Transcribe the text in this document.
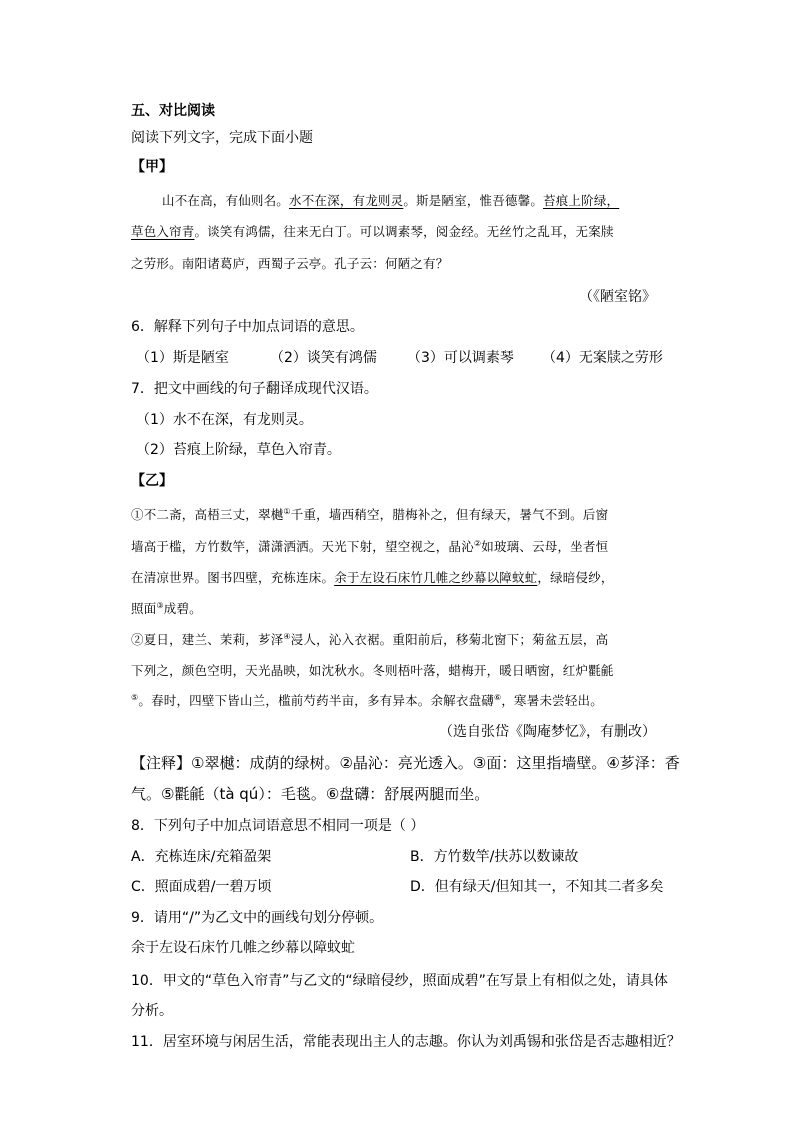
五、对比阅读
阅读下列文字，完成下面小题
【甲】
山不在高，有仙则名。水不在深，有龙则灵。斯是陋室，惟吾德馨。苔痕上阶绿，
草色入帘青。谈笑有鸿儒，往来无白丁。可以调素琴，阅金经。无丝竹之乱耳，无案牍
之劳形。南阳诸葛庐，西蜀子云亭。孔子云：何陋之有？
（《陋室铭》
6．解释下列句子中加点词语的意思。
（1）斯是陋室	（2）谈笑有鸿儒 （3）可以调素琴 （4）无案牍之劳形
7．把文中画线的句子翻译成现代汉语。
（1）水不在深，有龙则灵。
（2）苔痕上阶绿，草色入帘青。
【乙】
①不二斋，高梧三丈，翠樾①千重，墙西稍空，腊梅补之，但有绿天，暑气不到。后窗
墙高于槛，方竹数竿，潇潇洒洒。天光下射，望空视之，晶沁②如玻璃、云母，坐者恒
在清凉世界。图书四壁，充栋连床。余于左设石床竹几帷之纱幕以障蚊虻，绿暗侵纱，
照面③成碧。
②夏日，建兰、茉莉，芗泽④浸人，沁入衣裾。重阳前后，移菊北窗下；菊盆五层，高
下列之，颜色空明，天光晶映，如沈秋水。冬则梧叶落，蜡梅开，暖日晒窗，红炉氍毹
⑤。春时，四壁下皆山兰，槛前芍药半亩，多有异本。余解衣盘礴⑥，寒暑未尝轻出。
（选自张岱《陶庵梦忆》，有删改）
【注释】①翠樾：成荫的绿树。②晶沁：亮光透入。③面：这里指墙壁。④芗泽：香
气。⑤氍毹（tà qú）：毛毯。⑥盘礴：舒展两腿而坐。
8．下列句子中加点词语意思不相同一项是（ ）
A．充栋连床/充箱盈架	B．方竹数竿/扶苏以数谏故
C．照面成碧/一碧万顷	D．但有绿天/但知其一，不知其二者多矣
9．请用“/”为乙文中的画线句划分停顿。
余于左设石床竹几帷之纱幕以障蚊虻
10．甲文的“草色入帘青”与乙文的“绿暗侵纱，照面成碧”在写景上有相似之处，请具体
分析。
11．居室环境与闲居生活，常能表现出主人的志趣。你认为刘禹锡和张岱是否志趣相近？
